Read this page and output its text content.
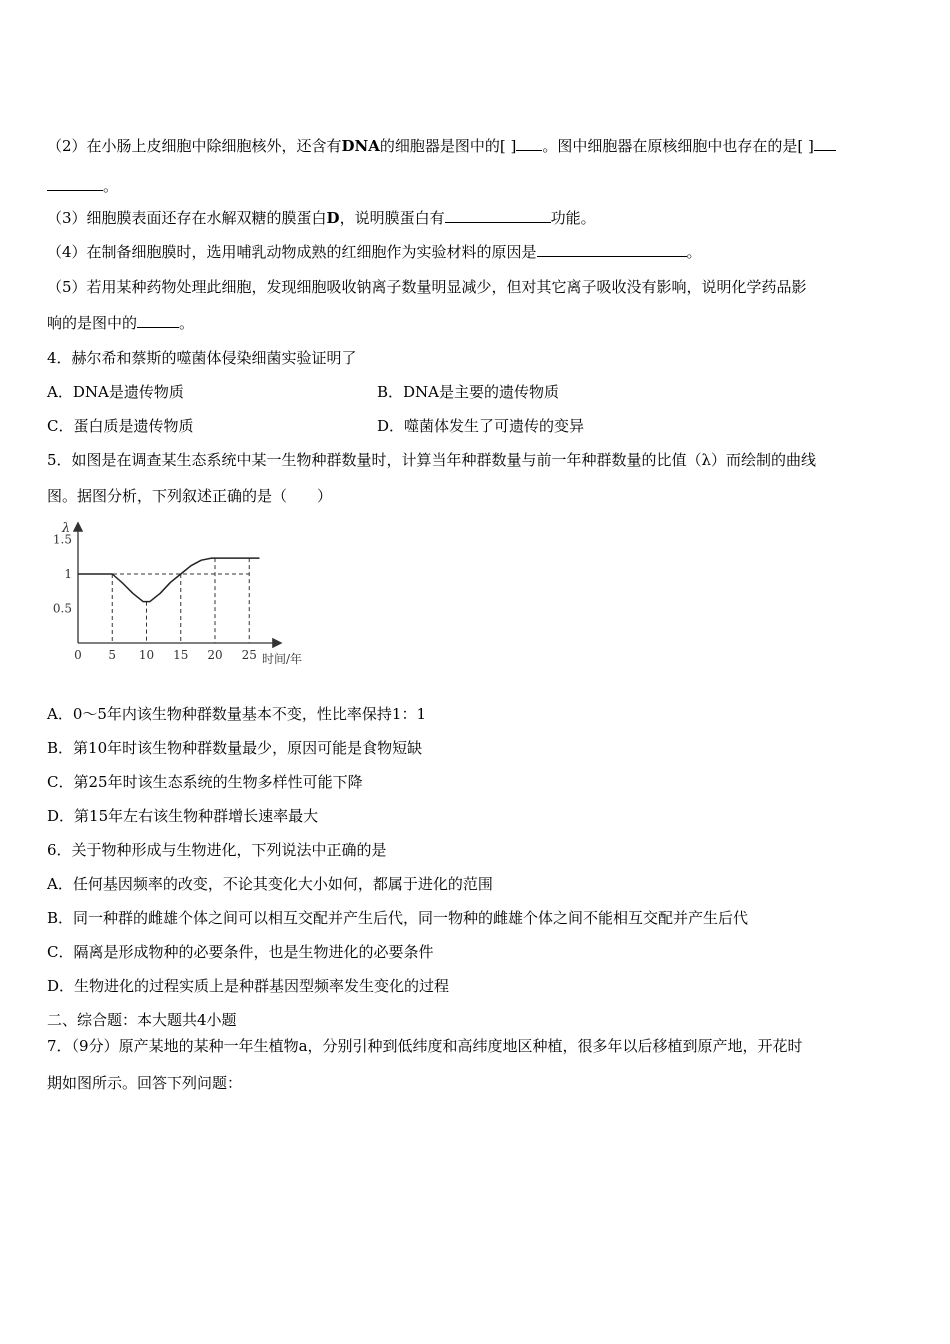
（2）在小肠上皮细胞中除细胞核外，还含有DNA的细胞器是图中的[ ] 。图中细胞器在原核细胞中也存在的是[ ]
。
（3）细胞膜表面还存在水解双糖的膜蛋白D，说明膜蛋白有	功能。
（4）在制备细胞膜时，选用哺乳动物成熟的红细胞作为实验材料的原因是	。
（5）若用某种药物处理此细胞，发现细胞吸收钠离子数量明显减少，但对其它离子吸收没有影响，说明化学药品影
响的是图中的	。
4．赫尔希和蔡斯的噬菌体侵染细菌实验证明了
A．DNA是遗传物质	B．DNA是主要的遗传物质
C．蛋白质是遗传物质	D．噬菌体发生了可遗传的变异
5．如图是在调查某生态系统中某一生物种群数量时，计算当年种群数量与前一年种群数量的比值（λ）而绘制的曲线
图。据图分析，下列叙述正确的是（　　）
1.5
1
0.5
0 5 10 15 20 25
λ
时间/年
A．0～5年内该生物种群数量基本不变，性比率保持1：1
B．第10年时该生物种群数量最少，原因可能是食物短缺
C．第25年时该生态系统的生物多样性可能下降
D．第15年左右该生物种群增长速率最大
6．关于物种形成与生物进化，下列说法中正确的是
A．任何基因频率的改变，不论其变化大小如何，都属于进化的范围
B．同一种群的雌雄个体之间可以相互交配并产生后代，同一物种的雌雄个体之间不能相互交配并产生后代
C．隔离是形成物种的必要条件，也是生物进化的必要条件
D．生物进化的过程实质上是种群基因型频率发生变化的过程
二、综合题：本大题共4小题
7．（9分）原产某地的某种一年生植物a，分别引种到低纬度和高纬度地区种植，很多年以后移植到原产地，开花时
期如图所示。回答下列问题：
